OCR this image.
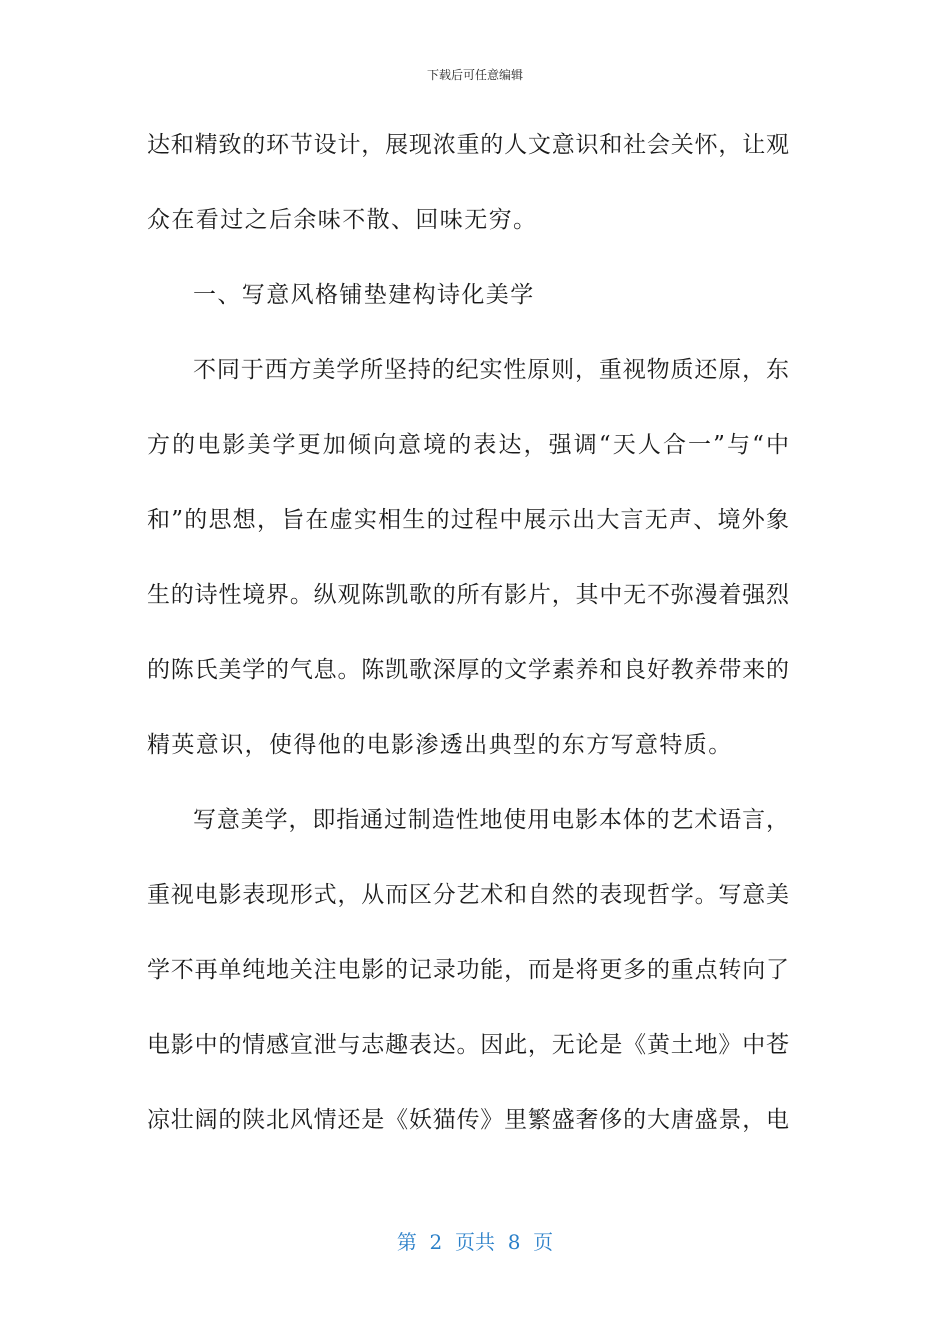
下载后可任意编辑
达和精致的环节设计，展现浓重的人文意识和社会关怀，让观
众在看过之后余味不散、回味无穷。
一、写意风格铺垫建构诗化美学
不同于西方美学所坚持的纪实性原则，重视物质还原，东
方的电影美学更加倾向意境的表达，强调“天人合一”与“中
和”的思想，旨在虚实相生的过程中展示出大言无声、境外象
生的诗性境界。纵观陈凯歌的所有影片，其中无不弥漫着强烈
的陈氏美学的气息。陈凯歌深厚的文学素养和良好教养带来的
精英意识，使得他的电影渗透出典型的东方写意特质。
写意美学，即指通过制造性地使用电影本体的艺术语言，
重视电影表现形式，从而区分艺术和自然的表现哲学。写意美
学不再单纯地关注电影的记录功能，而是将更多的重点转向了
电影中的情感宣泄与志趣表达。因此，无论是《黄土地》中苍
凉壮阔的陕北风情还是《妖猫传》里繁盛奢侈的大唐盛景，电
第  2  页共  8  页
